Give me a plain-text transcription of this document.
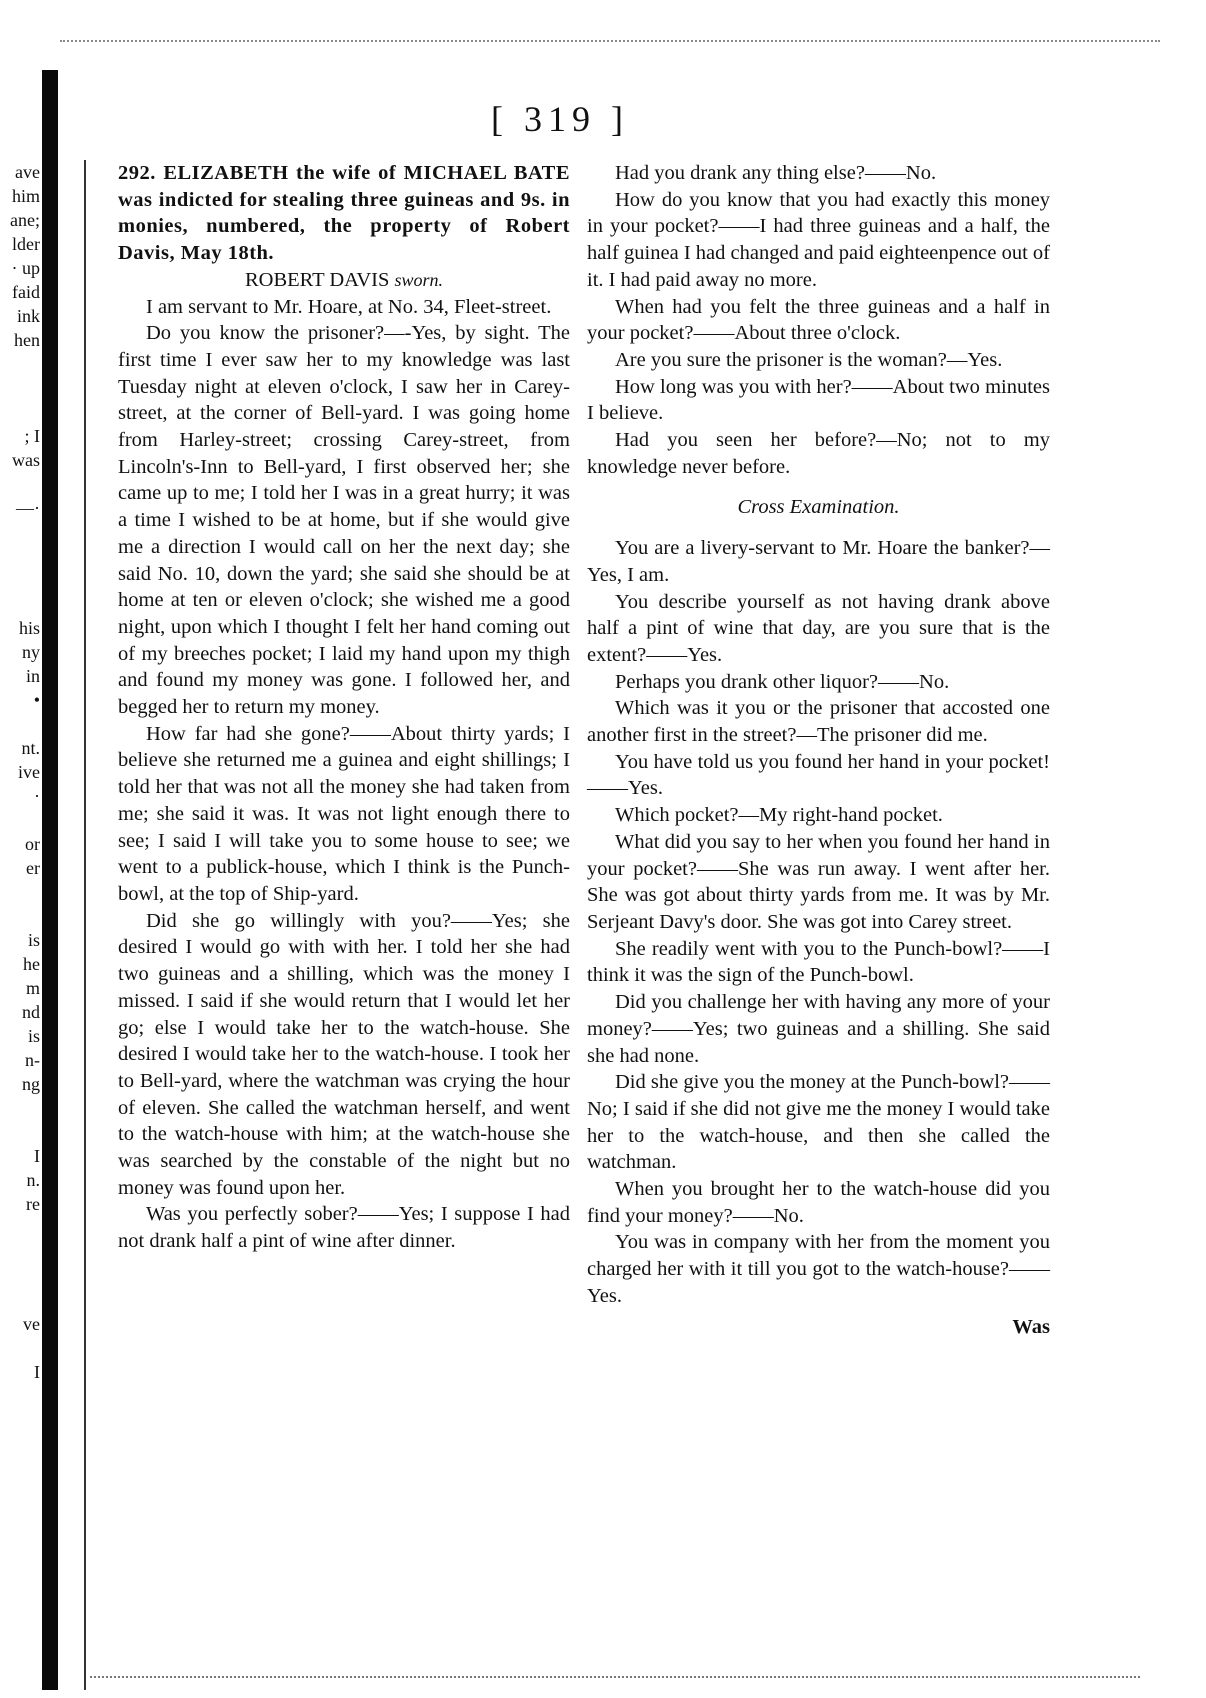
[ 319 ]
ave
him
ane;
lder
· up
faid
ink
hen
; I
was
—·
his
ny
in
•
nt.
ive
·
or
er
is
he
m
nd
is
n-
ng
I
n.
re
ve
I

292. ELIZABETH the wife of MICHAEL BATE was indicted for stealing three guineas and 9s. in monies, numbered, the property of Robert Davis, May 18th.

ROBERT DAVIS sworn.

I am servant to Mr. Hoare, at No. 34, Fleet-street.

Do you know the prisoner?—-Yes, by sight. The first time I ever saw her to my knowledge was last Tuesday night at eleven o'clock, I saw her in Carey-street, at the corner of Bell-yard. I was going home from Harley-street; crossing Carey-street, from Lincoln's-Inn to Bell-yard, I first observed her; she came up to me; I told her I was in a great hurry; it was a time I wished to be at home, but if she would give me a direction I would call on her the next day; she said No. 10, down the yard; she said she should be at home at ten or eleven o'clock; she wished me a good night, upon which I thought I felt her hand coming out of my breeches pocket; I laid my hand upon my thigh and found my money was gone. I followed her, and begged her to return my money.

How far had she gone?——About thirty yards; I believe she returned me a guinea and eight shillings; I told her that was not all the money she had taken from me; she said it was. It was not light enough there to see; I said I will take you to some house to see; we went to a publick-house, which I think is the Punch-bowl, at the top of Ship-yard.

Did she go willingly with you?——Yes; she desired I would go with with her. I told her she had two guineas and a shilling, which was the money I missed. I said if she would return that I would let her go; else I would take her to the watch-house. She desired I would take her to the watch-house. I took her to Bell-yard, where the watchman was crying the hour of eleven. She called the watchman herself, and went to the watch-house with him; at the watch-house she was searched by the constable of the night but no money was found upon her.

Was you perfectly sober?——Yes; I suppose I had not drank half a pint of wine after dinner.

Had you drank any thing else?——No.

How do you know that you had exactly this money in your pocket?——I had three guineas and a half, the half guinea I had changed and paid eighteenpence out of it. I had paid away no more.

When had you felt the three guineas and a half in your pocket?——About three o'clock.

Are you sure the prisoner is the woman?—Yes.

How long was you with her?——About two minutes I believe.

Had you seen her before?—No; not to my knowledge never before.

Cross Examination.

You are a livery-servant to Mr. Hoare the banker?—Yes, I am.

You describe yourself as not having drank above half a pint of wine that day, are you sure that is the extent?——Yes.

Perhaps you drank other liquor?——No.

Which was it you or the prisoner that accosted one another first in the street?—The prisoner did me.

You have told us you found her hand in your pocket!——Yes.

Which pocket?—My right-hand pocket.

What did you say to her when you found her hand in your pocket?——She was run away. I went after her. She was got about thirty yards from me. It was by Mr. Serjeant Davy's door. She was got into Carey street.

She readily went with you to the Punch-bowl?——I think it was the sign of the Punch-bowl.

Did you challenge her with having any more of your money?——Yes; two guineas and a shilling. She said she had none.

Did she give you the money at the Punch-bowl?——No; I said if she did not give me the money I would take her to the watch-house, and then she called the watchman.

When you brought her to the watch-house did you find your money?——No.

You was in company with her from the moment you charged her with it till you got to the watch-house?——Yes.

Was
